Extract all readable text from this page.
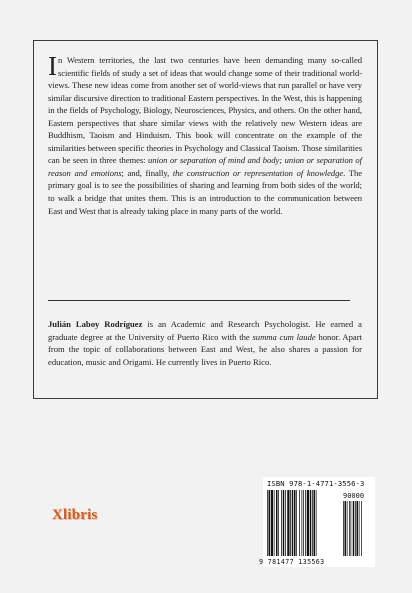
In Western territories, the last two centuries have been demanding many so-called scientific fields of study a set of ideas that would change some of their traditional world-views. These new ideas come from another set of world-views that run parallel or have very similar discursive direction to traditional Eastern perspectives. In the West, this is happening in the fields of Psychology, Biology, Neurosciences, Physics, and others. On the other hand, Eastern perspectives that share similar views with the relatively new Western ideas are Buddhism, Taoism and Hinduism. This book will concentrate on the example of the similarities between specific theories in Psychology and Classical Taoism. Those similarities can be seen in three themes: union or separation of mind and body; union or separation of reason and emotions; and, finally, the construction or representation of knowledge. The primary goal is to see the possibilities of sharing and learning from both sides of the world; to walk a bridge that unites them. This is an introduction to the communication between East and West that is already taking place in many parts of the world.

Julián Laboy Rodríguez is an Academic and Research Psychologist. He earned a graduate degree at the University of Puerto Rico with the summa cum laude honor. Apart from the topic of collaborations between East and West, he also shares a passion for education, music and Origami. He currently lives in Puerto Rico.

Xlibris
ISBN 978-1-4771-3556-3
90000
9 781477 135563
